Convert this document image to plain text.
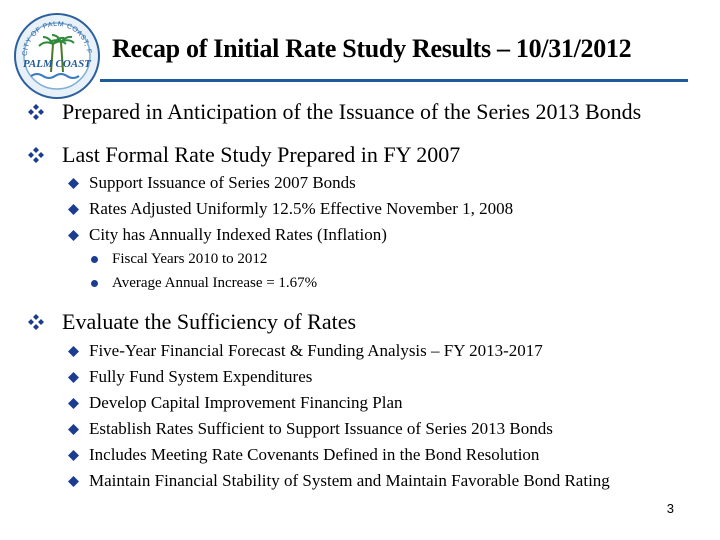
CITY OF PALM COAST, F
PALM COAST
Recap of Initial Rate Study Results – 10/31/2012
Prepared in Anticipation of the Issuance of the Series 2013 Bonds
Last Formal Rate Study Prepared in FY 2007
Support Issuance of Series 2007 Bonds
Rates Adjusted Uniformly 12.5% Effective November 1, 2008
City has Annually Indexed Rates (Inflation)
Fiscal Years 2010 to 2012
Average Annual Increase = 1.67%
Evaluate the Sufficiency of Rates
Five-Year Financial Forecast & Funding Analysis – FY 2013-2017
Fully Fund System Expenditures
Develop Capital Improvement Financing Plan
Establish Rates Sufficient to Support Issuance of Series 2013 Bonds
Includes Meeting Rate Covenants Defined in the Bond Resolution
Maintain Financial Stability of System and Maintain Favorable Bond Rating
3
